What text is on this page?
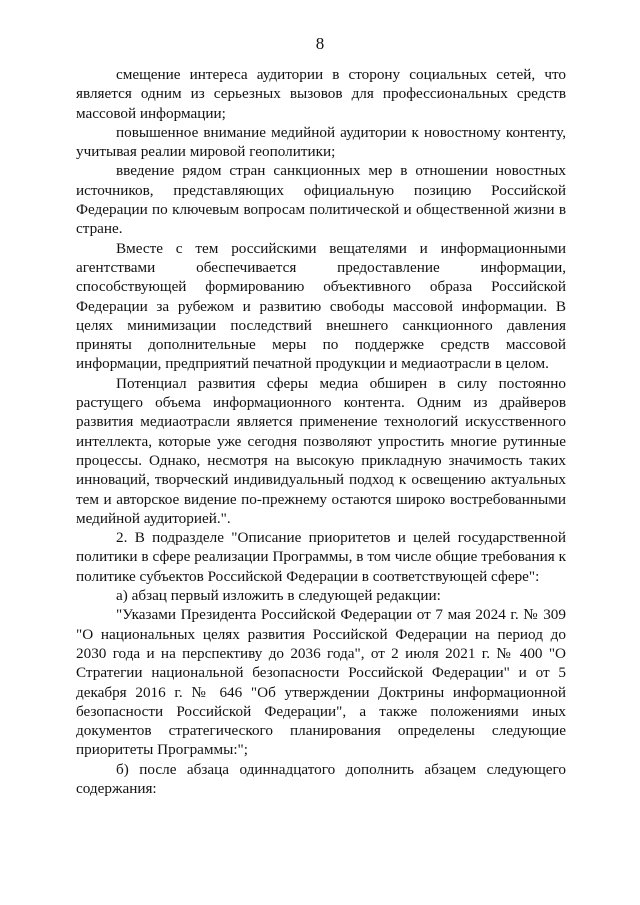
8

смещение интереса аудитории в сторону социальных сетей, что является одним из серьезных вызовов для профессиональных средств массовой информации;

повышенное внимание медийной аудитории к новостному контенту, учитывая реалии мировой геополитики;

введение рядом стран санкционных мер в отношении новостных источников, представляющих официальную позицию Российской Федерации по ключевым вопросам политической и общественной жизни в стране.

Вместе с тем российскими вещателями и информационными агентствами обеспечивается предоставление информации, способствующей формированию объективного образа Российской Федерации за рубежом и развитию свободы массовой информации. В целях минимизации последствий внешнего санкционного давления приняты дополнительные меры по поддержке средств массовой информации, предприятий печатной продукции и медиаотрасли в целом.

Потенциал развития сферы медиа обширен в силу постоянно растущего объема информационного контента. Одним из драйверов развития медиаотрасли является применение технологий искусственного интеллекта, которые уже сегодня позволяют упростить многие рутинные процессы. Однако, несмотря на высокую прикладную значимость таких инноваций, творческий индивидуальный подход к освещению актуальных тем и авторское видение по-прежнему остаются широко востребованными медийной аудиторией.".

2. В подразделе "Описание приоритетов и целей государственной политики в сфере реализации Программы, в том числе общие требования к политике субъектов Российской Федерации в соответствующей сфере":

а) абзац первый изложить в следующей редакции:

"Указами Президента Российской Федерации от 7 мая 2024 г. № 309 "О национальных целях развития Российской Федерации на период до 2030 года и на перспективу до 2036 года", от 2 июля 2021 г. № 400 "О Стратегии национальной безопасности Российской Федерации" и от 5 декабря 2016 г. № 646 "Об утверждении Доктрины информационной безопасности Российской Федерации", а также положениями иных документов стратегического планирования определены следующие приоритеты Программы:";

б) после абзаца одиннадцатого дополнить абзацем следующего содержания:
